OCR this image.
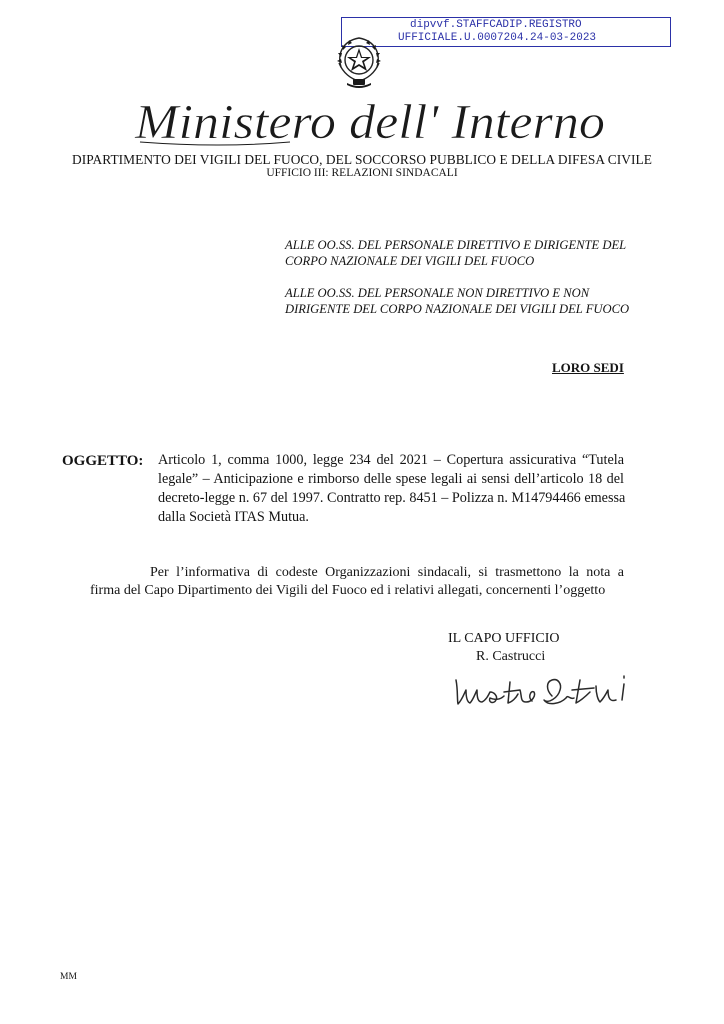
dipvvf.STAFFCADIP.REGISTRO
UFFICIALE.U.0007204.24-03-2023
Ministero dell' Interno
DIPARTIMENTO DEI VIGILI DEL FUOCO, DEL SOCCORSO PUBBLICO E DELLA DIFESA CIVILE
UFFICIO III: RELAZIONI SINDACALI
ALLE OO.SS. DEL PERSONALE DIRETTIVO E DIRIGENTE DEL
CORPO NAZIONALE DEI VIGILI DEL FUOCO
ALLE OO.SS. DEL PERSONALE NON DIRETTIVO E NON
DIRIGENTE DEL CORPO NAZIONALE DEI VIGILI DEL FUOCO
LORO SEDI
OGGETTO: Articolo 1, comma 1000, legge 234 del 2021 – Copertura assicurativa “Tutela
legale” – Anticipazione e rimborso delle spese legali ai sensi dell’articolo 18 del
decreto-legge n. 67 del 1997. Contratto rep. 8451 – Polizza n. M14794466 emessa
dalla Società ITAS Mutua.
Per l’informativa di codeste Organizzazioni sindacali, si trasmettono la nota a
firma del Capo Dipartimento dei Vigili del Fuoco ed i relativi allegati, concernenti l’oggetto
IL CAPO UFFICIO
R. Castrucci
MM
